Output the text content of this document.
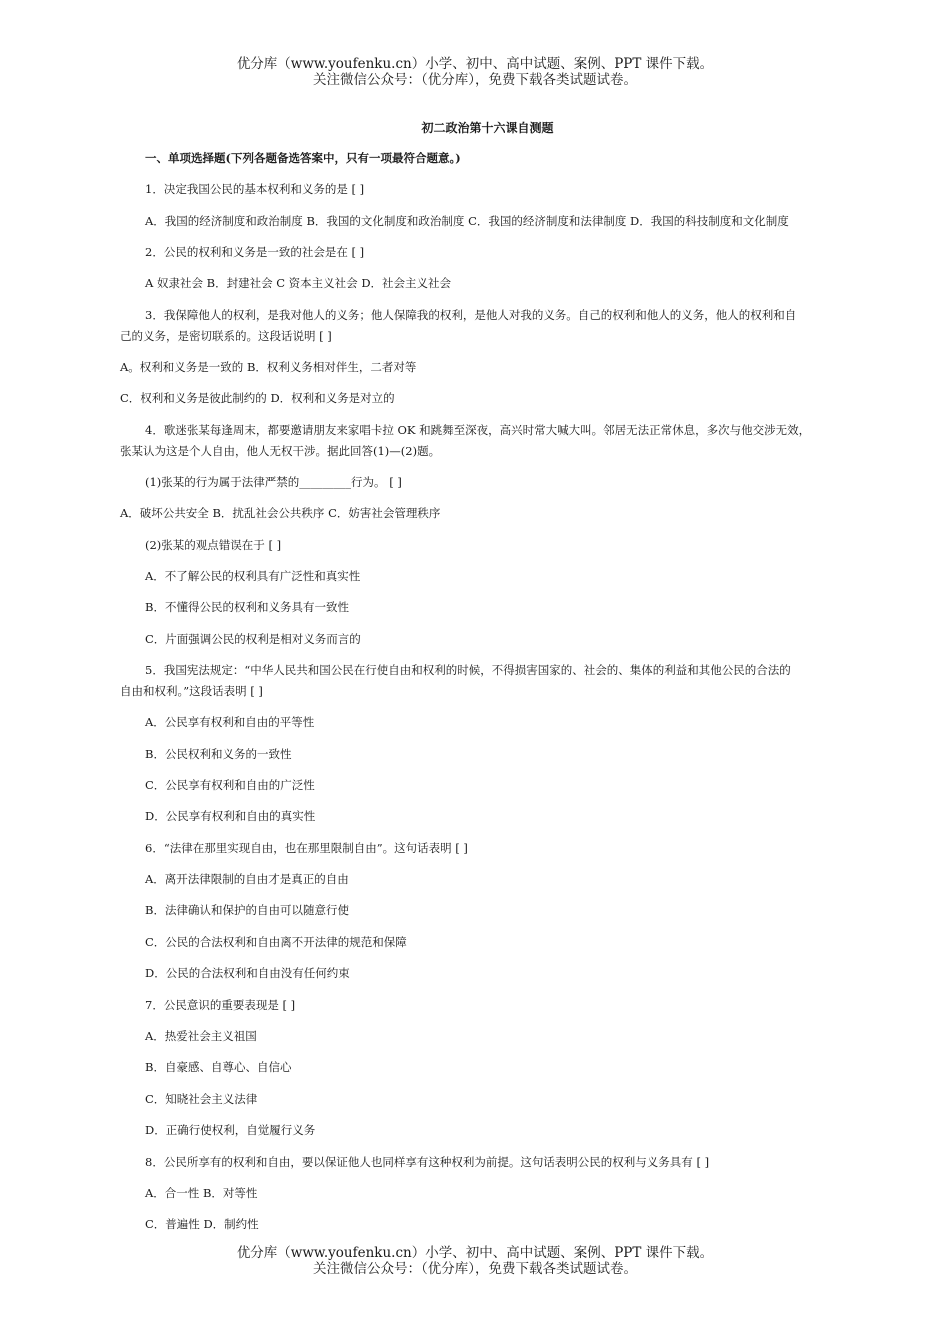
优分库（www.youfenku.cn）小学、初中、高中试题、案例、PPT 课件下载。
关注微信公众号：（优分库），免费下载各类试题试卷。
初二政治第十六课自测题
一、单项选择题(下列各题备选答案中，只有一项最符合题意。)
1．决定我国公民的基本权利和义务的是 [ ]
A．我国的经济制度和政治制度 B．我国的文化制度和政治制度 C．我国的经济制度和法律制度 D．我国的科技制度和文化制度
2．公民的权利和义务是一致的社会是在 [ ]
A 奴隶社会 B．封建社会 C 资本主义社会 D．社会主义社会
3．我保障他人的权利，是我对他人的义务；他人保障我的权利，是他人对我的义务。自己的权利和他人的义务，他人的权利和自
己的义务，是密切联系的。这段话说明 [ ]
A。权利和义务是一致的 B．权利义务相对伴生，二者对等
C．权利和义务是彼此制约的 D．权利和义务是对立的
4．歌迷张某每逢周末，都要邀请朋友来家唱卡拉 OK 和跳舞至深夜，高兴时常大喊大叫。邻居无法正常休息，多次与他交涉无效，
张某认为这是个人自由，他人无权干涉。据此回答(1)—(2)题。
(1)张某的行为属于法律严禁的_________行为。 [ ]
A．破坏公共安全 B．扰乱社会公共秩序 C．妨害社会管理秩序
(2)张某的观点错误在于 [ ]
A．不了解公民的权利具有广泛性和真实性
B．不懂得公民的权利和义务具有一致性
C．片面强调公民的权利是相对义务而言的
5．我国宪法规定：“中华人民共和国公民在行使自由和权利的时候，不得损害国家的、社会的、集体的利益和其他公民的合法的
自由和权利。”这段话表明 [ ]
A．公民享有权利和自由的平等性
B．公民权利和义务的一致性
C．公民享有权利和自由的广泛性
D．公民享有权利和自由的真实性
6．“法律在那里实现自由，也在那里限制自由”。这句话表明 [ ]
A．离开法律限制的自由才是真正的自由
B．法律确认和保护的自由可以随意行使
C．公民的合法权利和自由离不开法律的规范和保障
D．公民的合法权利和自由没有任何约束
7．公民意识的重要表现是 [ ]
A．热爱社会主义祖国
B．自豪感、自尊心、自信心
C．知晓社会主义法律
D．正确行使权利，自觉履行义务
8．公民所享有的权利和自由，要以保证他人也同样享有这种权利为前提。这句话表明公民的权利与义务具有 [ ]
A．合一性 B．对等性
C．普遍性 D．制约性
优分库（www.youfenku.cn）小学、初中、高中试题、案例、PPT 课件下载。
关注微信公众号：（优分库），免费下载各类试题试卷。
